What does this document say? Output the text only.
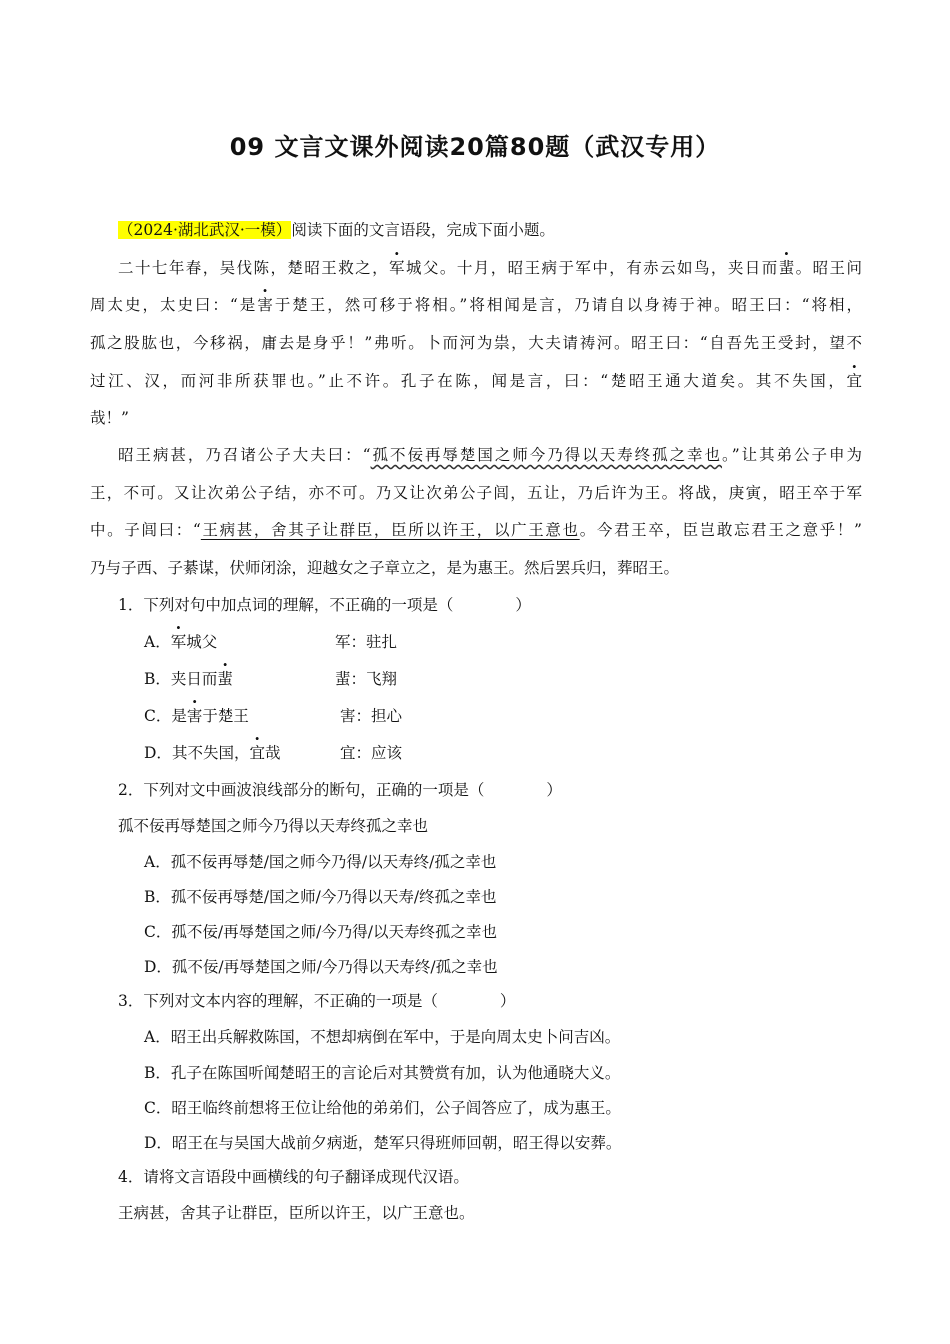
09 文言文课外阅读20篇80题（武汉专用）
（2024·湖北武汉·一模）阅读下面的文言语段，完成下面小题。
二十七年春，吴伐陈，楚昭王救之，军城父。十月，昭王病于军中，有赤云如鸟，夹日而蜚。昭王问
周太史，太史曰：“是害于楚王，然可移于将相。”将相闻是言，乃请自以身祷于神。昭王曰：“将相，
孤之股肱也，今移祸，庸去是身乎！”弗听。卜而河为祟，大夫请祷河。昭王曰：“自吾先王受封，望不
过江、汉，而河非所获罪也。”止不许。孔子在陈，闻是言，曰：“楚昭王通大道矣。其不失国，宜
哉！”
昭王病甚，乃召诸公子大夫曰：“孤不佞再辱楚国之师今乃得以天寿终孤之幸也。”让其弟公子申为
王，不可。又让次弟公子结，亦不可。乃又让次弟公子闾，五让，乃后许为王。将战，庚寅，昭王卒于军
中。子闾曰：“王病甚，舍其子让群臣，臣所以许王，以广王意也。今君王卒，臣岂敢忘君王之意乎！”
乃与子西、子綦谋，伏师闭涂，迎越女之子章立之，是为惠王。然后罢兵归，葬昭王。
1．下列对句中加点词的理解，不正确的一项是（　　　　）
A．军城父	军：驻扎
B．夹日而蜚	蜚：飞翔
C．是害于楚王	害：担心
D．其不失国，宜哉	宜：应该
2．下列对文中画波浪线部分的断句，正确的一项是（　　　　）
孤不佞再辱楚国之师今乃得以天寿终孤之幸也
A．孤不佞再辱楚/国之师今乃得/以天寿终/孤之幸也
B．孤不佞再辱楚/国之师/今乃得以天寿/终孤之幸也
C．孤不佞/再辱楚国之师/今乃得/以天寿终孤之幸也
D．孤不佞/再辱楚国之师/今乃得以天寿终/孤之幸也
3．下列对文本内容的理解，不正确的一项是（　　　　）
A．昭王出兵解救陈国，不想却病倒在军中，于是向周太史卜问吉凶。
B．孔子在陈国听闻楚昭王的言论后对其赞赏有加，认为他通晓大义。
C．昭王临终前想将王位让给他的弟弟们，公子闾答应了，成为惠王。
D．昭王在与吴国大战前夕病逝，楚军只得班师回朝，昭王得以安葬。
4．请将文言语段中画横线的句子翻译成现代汉语。
王病甚，舍其子让群臣，臣所以许王，以广王意也。
